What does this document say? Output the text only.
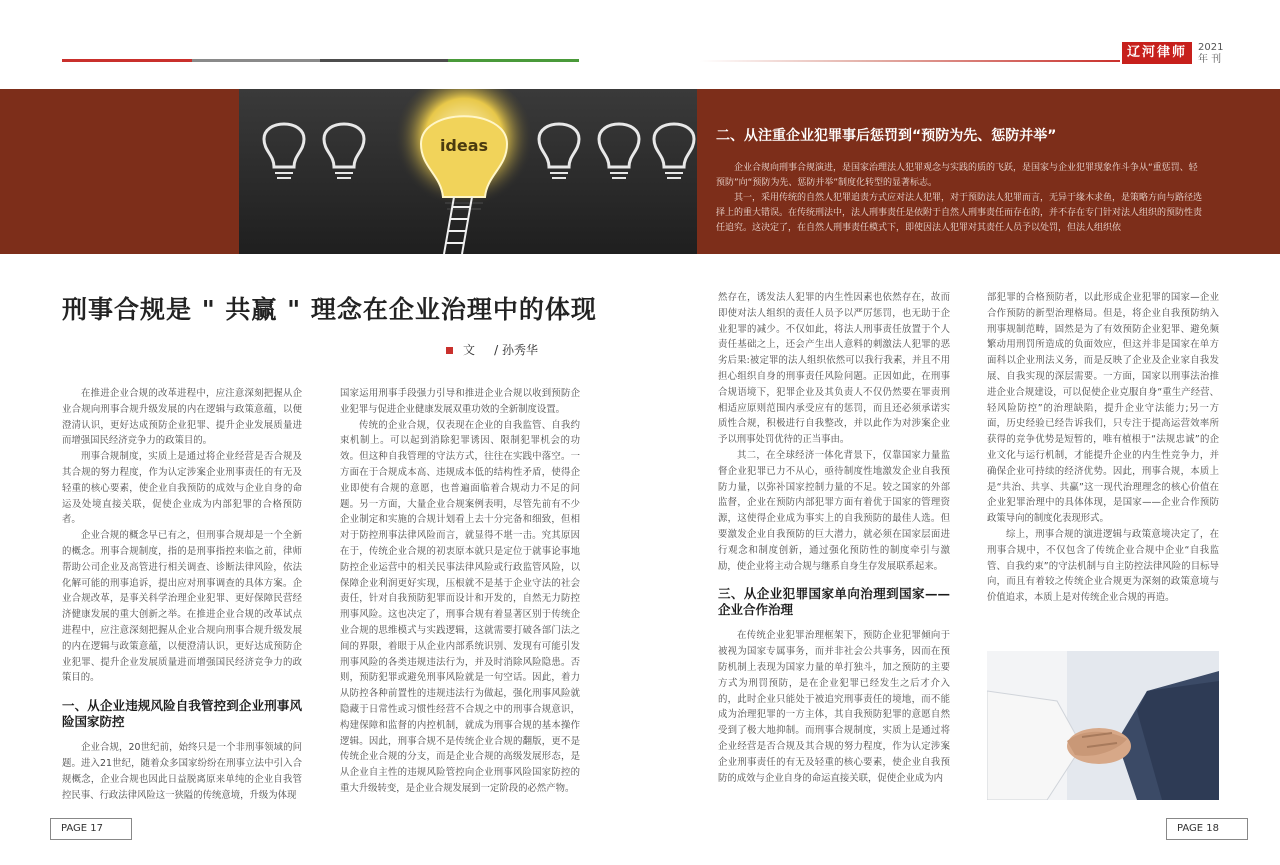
辽河律师	2021
年 刊
ideas	二、从注重企业犯罪事后惩罚到“预防为先、惩防并举”

企业合规向刑事合规演进，是国家治理法人犯罪观念与实践的质的飞跃，是国家与企业犯罪现象作斗争从“重惩罚、轻预防”向“预防为先、惩防并举”制度化转型的显著标志。

其一，采用传统的自然人犯罪追责方式应对法人犯罪，对于预防法人犯罪而言，无异于缘木求鱼，是策略方向与路径选择上的重大错误。在传统刑法中，法人刑事责任是依附于自然人刑事责任而存在的，并不存在专门针对法人组织的预防性责任追究。这决定了，在自然人刑事责任模式下，即使因法人犯罪对其责任人员予以处罚，但法人组织依

刑事合规是 " 共赢 " 理念在企业治理中的体现
文 / 孙秀华

在推进企业合规的改革进程中，应注意深刻把握从企业合规向刑事合规升级发展的内在逻辑与政策意蕴，以便澄清认识，更好达成预防企业犯罪、提升企业发展质量进而增强国民经济竞争力的政策目的。

刑事合规制度，实质上是通过将企业经营是否合规及其合规的努力程度，作为认定涉案企业刑事责任的有无及轻重的核心要素，使企业自我预防的成效与企业自身的命运及处境直接关联，促使企业成为内部犯罪的合格预防者。

企业合规的概念早已有之，但刑事合规却是一个全新的概念。刑事合规制度，指的是刑事指控来临之前，律师帮助公司企业及高管进行相关调查、诊断法律风险，依法化解可能的刑事追诉，提出应对刑事调查的具体方案。企业合规改革，是事关科学治理企业犯罪、更好保障民营经济健康发展的重大创新之举。在推进企业合规的改革试点进程中，应注意深刻把握从企业合规向刑事合规升级发展的内在逻辑与政策意蕴，以便澄清认识，更好达成预防企业犯罪、提升企业发展质量进而增强国民经济竞争力的政策目的。

一、从企业违规风险自我管控到企业刑事风险国家防控

企业合规，20世纪前，始终只是一个非刑事领域的问题。进入21世纪，随着众多国家纷纷在刑事立法中引入合规概念，企业合规也因此日益脱离原来单纯的企业自我管控民事、行政法律风险这一狭隘的传统意境，升级为体现

国家运用刑事手段强力引导和推进企业合规以收到预防企业犯罪与促进企业健康发展双重功效的全新制度设置。

传统的企业合规，仅表现在企业的自我监管、自我约束机制上。可以起到消除犯罪诱因、限制犯罪机会的功效。但这种自我管理的守法方式，往往在实践中落空。一方面在于合规成本高、违规成本低的结构性矛盾，使得企业即使有合规的意愿，也普遍面临着合规动力不足的问题。另一方面，大量企业合规案例表明，尽管先前有不少企业制定和实施的合规计划看上去十分完备和细致，但相对于防控刑事法律风险而言，就显得不堪一击。究其原因在于，传统企业合规的初衷原本就只是定位于就事论事地防控企业运营中的相关民事法律风险或行政监管风险，以保障企业利润更好实现，压根就不是基于企业守法的社会责任，针对自我预防犯罪而设计和开发的，自然无力防控刑事风险。这也决定了，刑事合规有着显著区别于传统企业合规的思维模式与实践逻辑，这就需要打破各部门法之间的界限，着眼于从企业内部系统识别、发现有可能引发刑事风险的各类违规违法行为，并及时消除风险隐患。否则，预防犯罪或避免刑事风险就是一句空话。因此，着力从防控各种前置性的违规违法行为做起，强化刑事风险就隐藏于日常性或习惯性经营不合规之中的刑事合规意识，构建保障和监督的内控机制，就成为刑事合规的基本操作逻辑。因此，刑事合规不是传统企业合规的翻版，更不是传统企业合规的分支，而是企业合规的高级发展形态，是从企业自主性的违规风险管控向企业刑事风险国家防控的重大升级转变，是企业合规发展到一定阶段的必然产物。

然存在，诱发法人犯罪的内生性因素也依然存在，故而即使对法人组织的责任人员予以严厉惩罚，也无助于企业犯罪的减少。不仅如此，将法人刑事责任放置于个人责任基础之上，还会产生出人意料的刺激法人犯罪的恶劣后果:被定罪的法人组织依然可以我行我素，并且不用担心组织自身的刑事责任风险问题。正因如此，在刑事合规语境下，犯罪企业及其负责人不仅仍然要在罪责刑相适应原则范围内承受应有的惩罚，而且还必须承诺实质性合规，积极进行自我整改，并以此作为对涉案企业予以刑事处罚优待的正当事由。

其二，在全球经济一体化背景下，仅靠国家力量监督企业犯罪已力不从心，亟待制度性地激发企业自我预防力量，以弥补国家控制力量的不足。较之国家的外部监督，企业在预防内部犯罪方面有着优于国家的管理资源，这使得企业成为事实上的自我预防的最佳人选。但要激发企业自我预防的巨大潜力，就必须在国家层面进行观念和制度创新，通过强化预防性的制度牵引与激励，使企业将主动合规与继系自身生存发展联系起来。

三、从企业犯罪国家单向治理到国家——企业合作治理

在传统企业犯罪治理框架下，预防企业犯罪倾向于被视为国家专属事务，而并非社会公共事务，因而在预防机制上表现为国家力量的单打独斗，加之预防的主要方式为刑罚预防，是在企业犯罪已经发生之后才介入的，此时企业只能处于被追究刑事责任的境地，而不能成为治理犯罪的一方主体，其自我预防犯罪的意愿自然受到了极大地抑制。而刑事合规制度，实质上是通过将企业经营是否合规及其合规的努力程度，作为认定涉案企业刑事责任的有无及轻重的核心要素，使企业自我预防的成效与企业自身的命运直接关联，促使企业成为内

部犯罪的合格预防者，以此形成企业犯罪的国家—企业合作预防的新型治理格局。但是，将企业自我预防纳入刑事规制范畴，固然是为了有效预防企业犯罪、避免频繁动用刑罚所造成的负面效应，但这并非是国家在单方面科以企业刑法义务，而是反映了企业及企业家自我发展、自我实现的深层需要。一方面，国家以刑事法治推进企业合规建设，可以促使企业克服自身“重生产经营、轻风险防控”的治理缺陷，提升企业守法能力;另一方面，历史经验已经告诉我们，只专注于提高运营效率所获得的竞争优势是短暂的，唯有植根于“法规忠诚”的企业文化与运行机制，才能提升企业的内生性竞争力，并确保企业可持续的经济优势。因此，刑事合规，本质上是“共治、共享、共赢”这一现代治理理念的核心价值在企业犯罪治理中的具体体现，是国家——企业合作预防政策导向的制度化表现形式。

综上，刑事合规的演进逻辑与政策意境决定了，在刑事合规中，不仅包含了传统企业合规中企业“自我监管、自我约束”的守法机制与自主防控法律风险的目标导向，而且有着较之传统企业合规更为深刻的政策意境与价值追求，本质上是对传统企业合规的再造。

PAGE 17	PAGE 18
